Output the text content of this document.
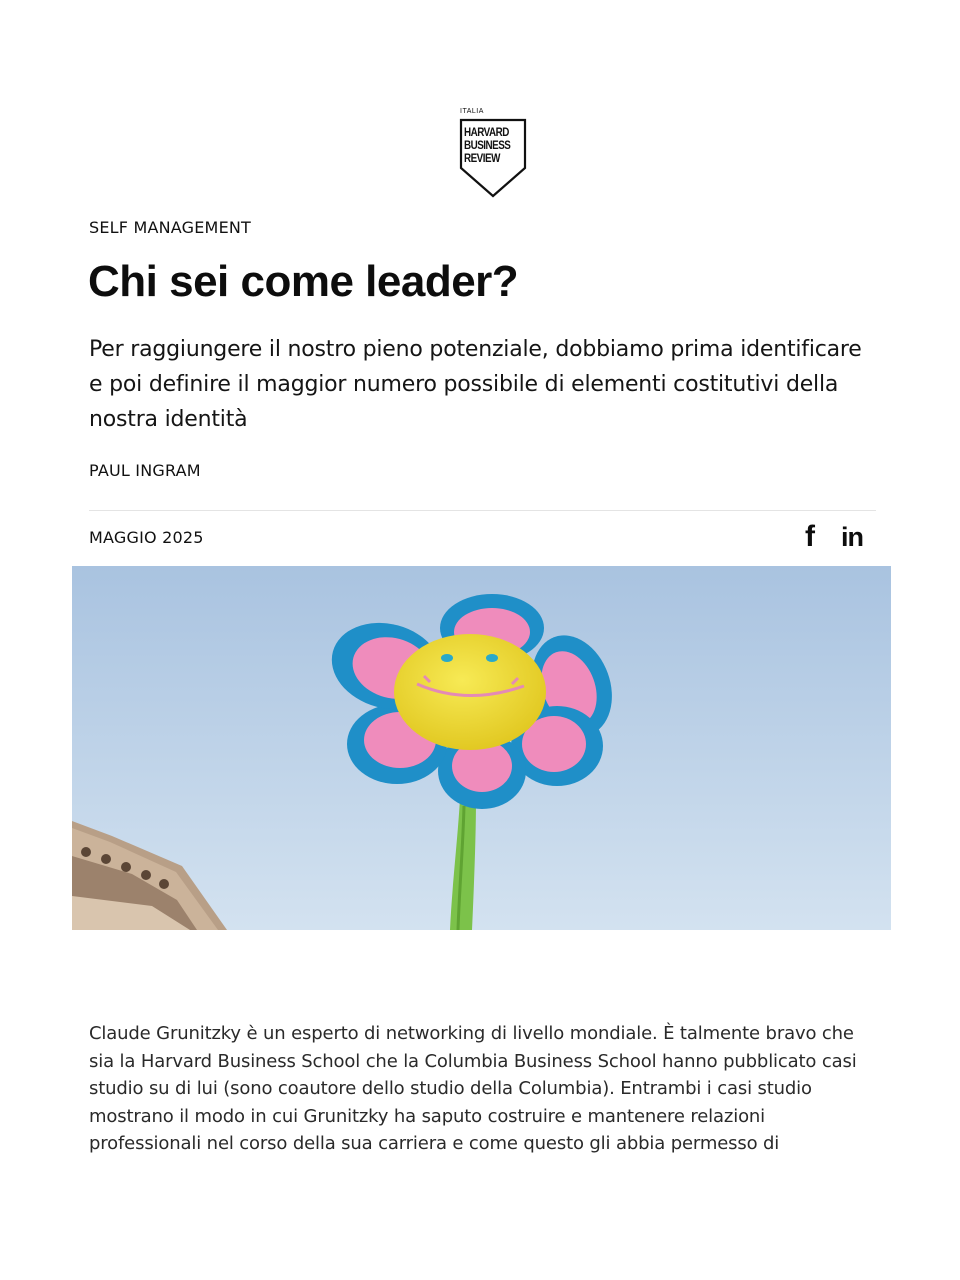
ITALIA
HARVARD
BUSINESS
REVIEW
SELF MANAGEMENT
Chi sei come leader?

Per raggiungere il nostro pieno potenziale, dobbiamo prima identificare e poi definire il maggior numero possibile di elementi costitutivi della nostra identità

PAUL INGRAM
MAGGIO 2025	f in

Claude Grunitzky è un esperto di networking di livello mondiale. È talmente bravo che sia la Harvard Business School che la Columbia Business School hanno pubblicato casi studio su di lui (sono coautore dello studio della Columbia). Entrambi i casi studio mostrano il modo in cui Grunitzky ha saputo costruire e mantenere relazioni professionali nel corso della sua carriera e come questo gli abbia permesso di
